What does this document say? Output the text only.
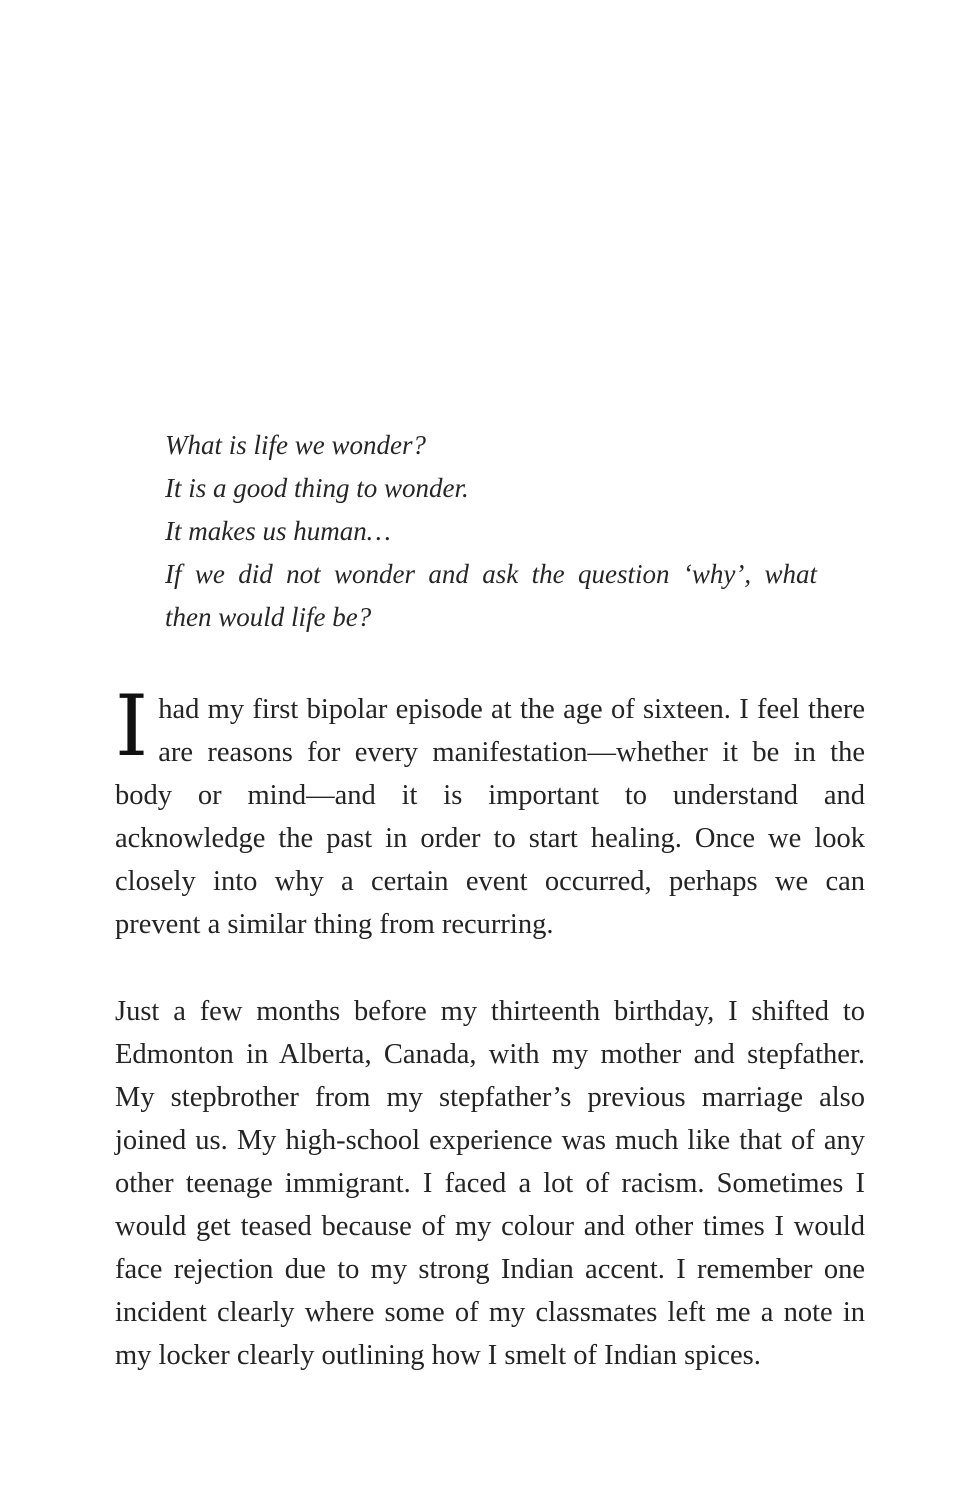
What is life we wonder?
It is a good thing to wonder.
It makes us human…
If we did not wonder and ask the question ‘why’, what
then would life be?

Ihad my first bipolar episode at the age of sixteen. I feel there are reasons for every manifestation—whether it be in the body or mind—and it is important to understand and acknowledge the past in order to start healing. Once we look closely into why a certain event occurred, perhaps we can prevent a similar thing from recurring.

Just a few months before my thirteenth birthday, I shifted to Edmonton in Alberta, Canada, with my mother and stepfather. My stepbrother from my stepfather’s previous marriage also joined us. My high-school experience was much like that of any other teenage immigrant. I faced a lot of racism. Sometimes I would get teased because of my colour and other times I would face rejection due to my strong Indian accent. I remember one incident clearly where some of my classmates left me a note in my locker clearly outlining how I smelt of Indian spices.
